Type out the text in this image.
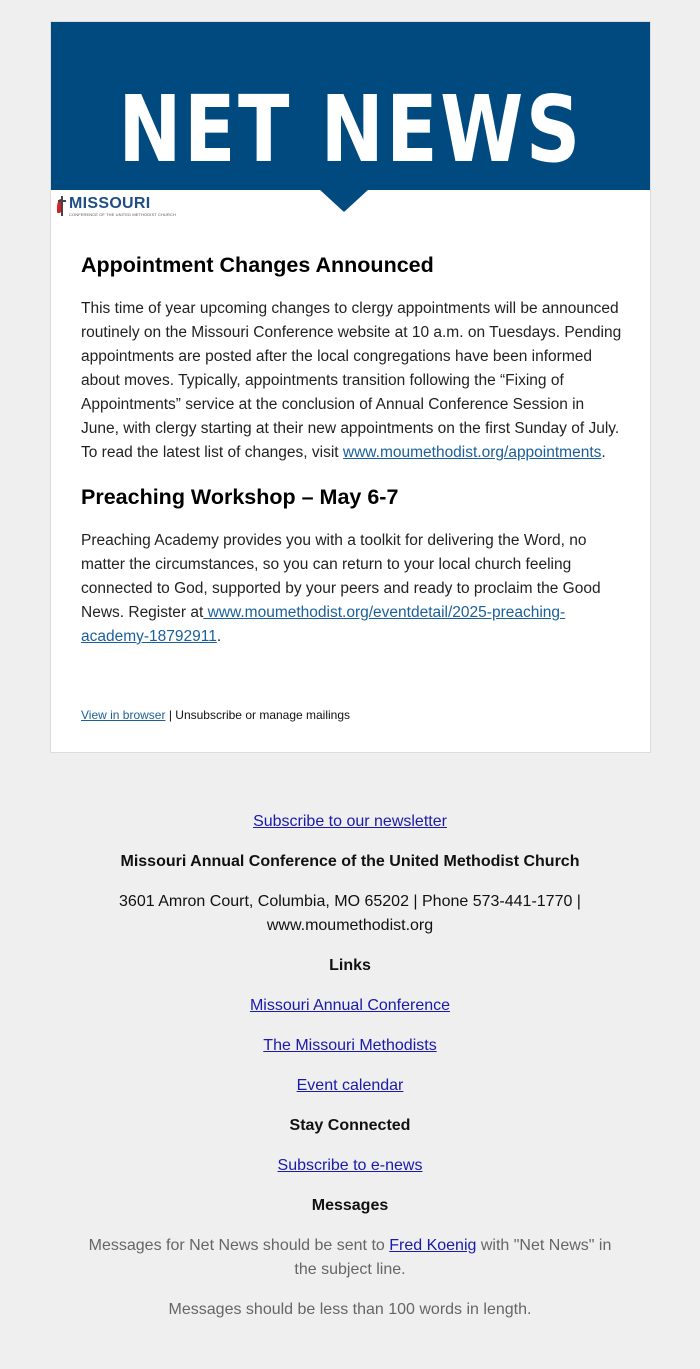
NET NEWS
MISSOURI
CONFERENCE OF THE UNITED METHODIST CHURCH
Appointment Changes Announced

This time of year upcoming changes to clergy appointments will be announced routinely on the Missouri Conference website at 10 a.m. on Tuesdays. Pending appointments are posted after the local congregations have been informed about moves. Typically, appointments transition following the “Fixing of Appointments” service at the conclusion of Annual Conference Session in June, with clergy starting at their new appointments on the first Sunday of July. To read the latest list of changes, visit www.moumethodist.org/appointments.

Preaching Workshop – May 6-7

Preaching Academy provides you with a toolkit for delivering the Word, no matter the circumstances, so you can return to your local church feeling connected to God, supported by your peers and ready to proclaim the Good News. Register at www.moumethodist.org/eventdetail/2025-preaching-academy-18792911.

View in browser | Unsubscribe or manage mailings
Subscribe to our newsletter
Missouri Annual Conference of the United Methodist Church
3601 Amron Court, Columbia, MO 65202 | Phone 573-441-1770 |
www.moumethodist.org
Links
Missouri Annual Conference
The Missouri Methodists
Event calendar
Stay Connected
Subscribe to e-news
Messages
Messages for Net News should be sent to Fred Koenig with "Net News" in
the subject line.
Messages should be less than 100 words in length.
